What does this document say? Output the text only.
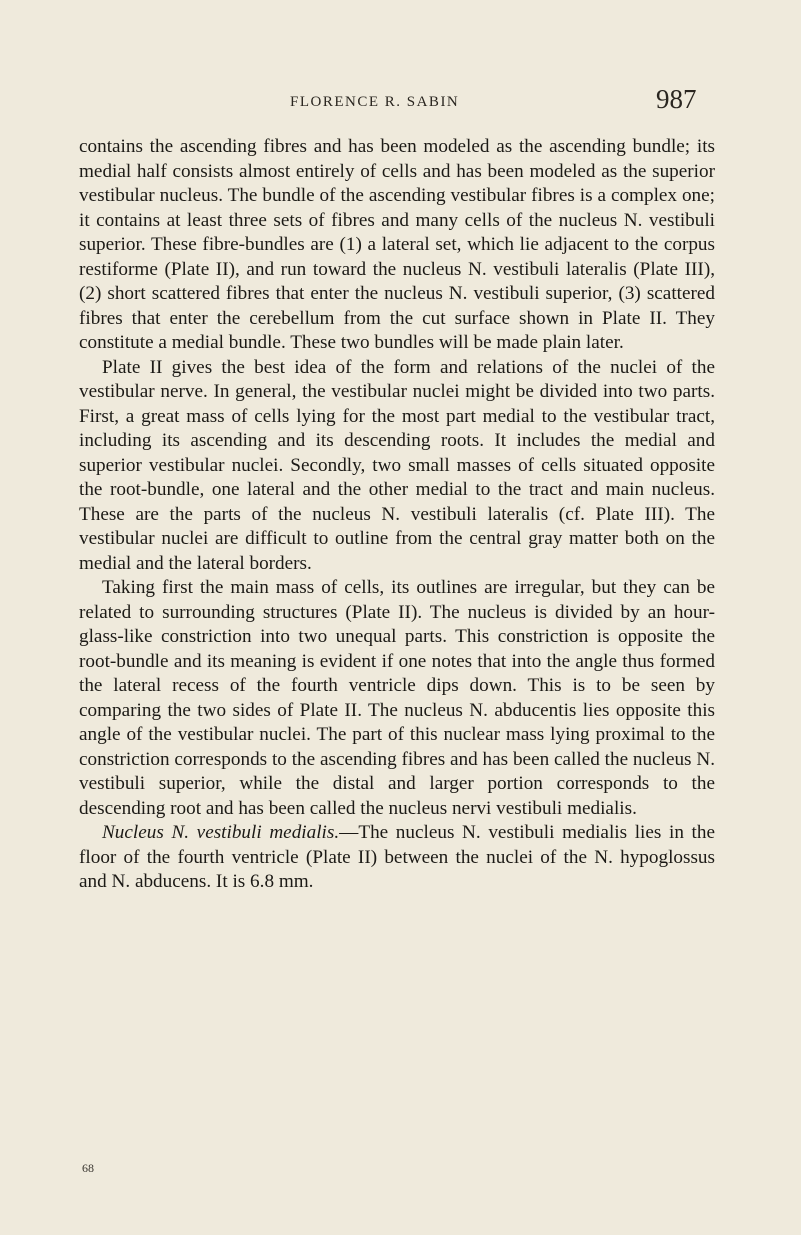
FLORENCE R. SABIN	987

contains the ascending fibres and has been modeled as the ascending bundle; its medial half consists almost entirely of cells and has been modeled as the superior vestibular nucleus. The bundle of the ascending vestibular fibres is a complex one; it contains at least three sets of fibres and many cells of the nucleus N. vestibuli superior. These fibre-bundles are (1) a lateral set, which lie adjacent to the corpus restiforme (Plate II), and run toward the nucleus N. vestibuli lateralis (Plate III), (2) short scattered fibres that enter the nucleus N. vestibuli superior, (3) scattered fibres that enter the cerebellum from the cut surface shown in Plate II. They constitute a medial bundle. These two bundles will be made plain later.

Plate II gives the best idea of the form and relations of the nuclei of the vestibular nerve. In general, the vestibular nuclei might be divided into two parts. First, a great mass of cells lying for the most part medial to the vestibular tract, including its ascending and its descending roots. It includes the medial and superior vestibular nuclei. Secondly, two small masses of cells situated opposite the root-bundle, one lateral and the other medial to the tract and main nucleus. These are the parts of the nucleus N. vestibuli lateralis (cf. Plate III). The vestibular nuclei are difficult to outline from the central gray matter both on the medial and the lateral borders.

Taking first the main mass of cells, its outlines are irregular, but they can be related to surrounding structures (Plate II). The nucleus is divided by an hour-glass-like constriction into two unequal parts. This constriction is opposite the root-bundle and its meaning is evident if one notes that into the angle thus formed the lateral recess of the fourth ventricle dips down. This is to be seen by comparing the two sides of Plate II. The nucleus N. abducentis lies opposite this angle of the vestibular nuclei. The part of this nuclear mass lying proximal to the constriction corresponds to the ascending fibres and has been called the nucleus N. vestibuli superior, while the distal and larger portion corresponds to the descending root and has been called the nucleus nervi vestibuli medialis.

Nucleus N. vestibuli medialis.—The nucleus N. vestibuli medialis lies in the floor of the fourth ventricle (Plate II) between the nuclei of the N. hypoglossus and N. abducens. It is 6.8 mm.

68
